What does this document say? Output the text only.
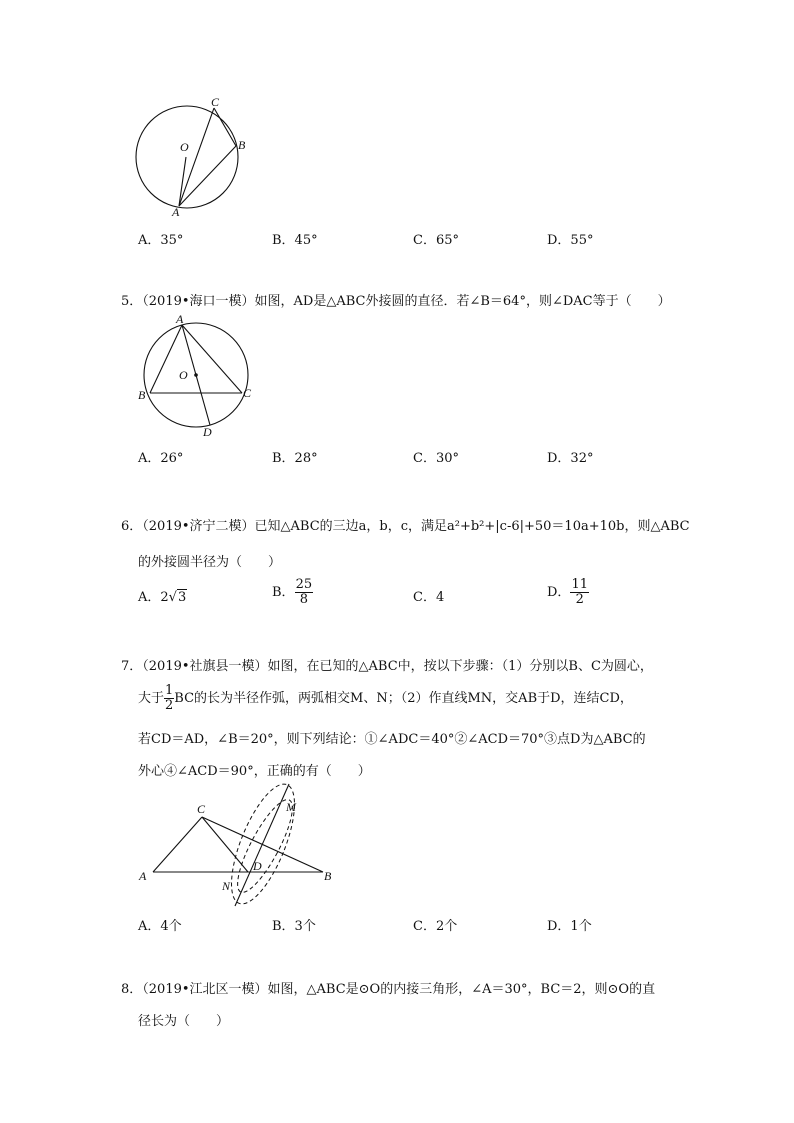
C
O	B
A
A．35°	B．45°	C．65°	D．55°
5．（2019•海口一模）如图，AD是△ABC外接圆的直径．若∠B＝64°，则∠DAC等于（　　）
A
O
B	C
D
A．26°	B．28°	C．30°	D．32°
6．（2019•济宁二模）已知△ABC的三边a，b，c，满足a²+b²+|c-6|+50＝10a+10b，则△ABC
的外接圆半径为（　　）
A．2√3	B． $\frac{25}{8}$	C．4	D． $\frac{11}{2}$
7．（2019•社旗县一模）如图，在已知的△ABC中，按以下步骤：（1）分别以B、C为圆心，
大于 $\frac{1}{2}$ BC的长为半径作弧，两弧相交M、N；（2）作直线MN，交AB于D，连结CD，
若CD＝AD，∠B＝20°，则下列结论：①∠ADC＝40°②∠ACD＝70°③点D为△ABC的
外心④∠ACD＝90°，正确的有（　　）
C	M
A
D
B
N
A．4个	B．3个	C．2个	D．1个
8．（2019•江北区一模）如图，△ABC是⊙O的内接三角形，∠A＝30°，BC＝2，则⊙O的直
径长为（　　）
